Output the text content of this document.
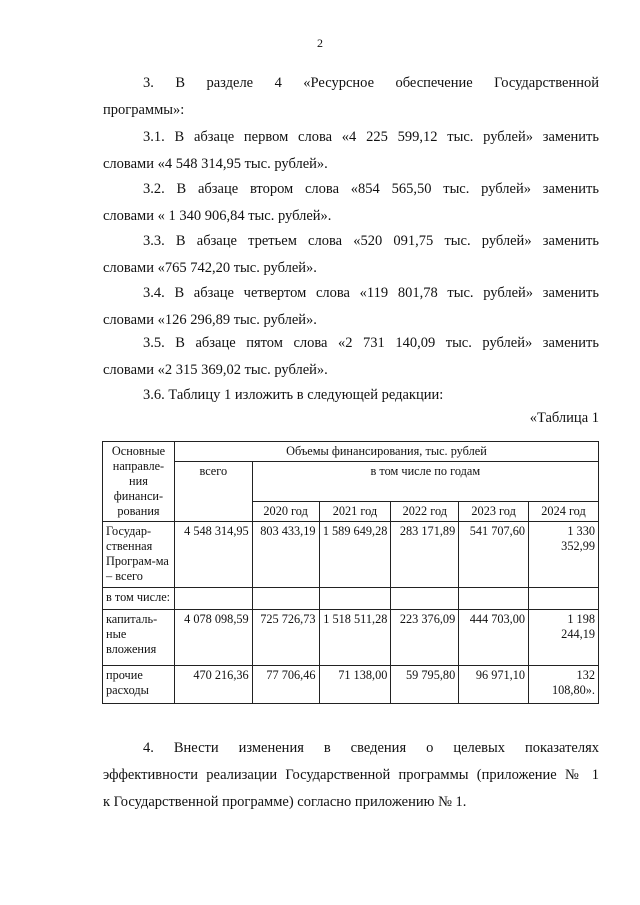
2
3. В разделе 4 «Ресурсное обеспечение Государственной
программы»:
3.1. В абзаце первом слова «4 225 599,12 тыс. рублей» заменить
словами «4 548 314,95 тыс. рублей».
3.2. В абзаце втором слова «854 565,50 тыс. рублей» заменить
словами « 1 340 906,84 тыс. рублей».
3.3. В абзаце третьем слова «520 091,75 тыс. рублей» заменить
словами «765 742,20 тыс. рублей».
3.4. В абзаце четвертом слова «119 801,78 тыс. рублей» заменить
словами «126 296,89 тыс. рублей».
3.5. В абзаце пятом слова «2 731 140,09 тыс. рублей» заменить
словами «2 315 369,02 тыс. рублей».
3.6. Таблицу 1 изложить в следующей редакции:
«Таблица 1
Основные направле-ния финанси-рования	Объемы финансирования, тыс. рублей					
	всего	в том числе по годам				
		2020 год	2021 год	2022 год	2023 год	2024 год
Государ-ственная Програм-ма – всего	4 548 314,95	803 433,19	1 589 649,28	283 171,89	541 707,60	1 330 352,99
в том числе:						
капиталь-ные вложения	4 078 098,59	725 726,73	1 518 511,28	223 376,09	444 703,00	1 198 244,19
прочие расходы	470 216,36	77 706,46	71 138,00	59 795,80	96 971,10	132 108,80».
4. Внести изменения в сведения о целевых показателях
эффективности реализации Государственной программы (приложение № 1
к Государственной программе) согласно приложению № 1.
